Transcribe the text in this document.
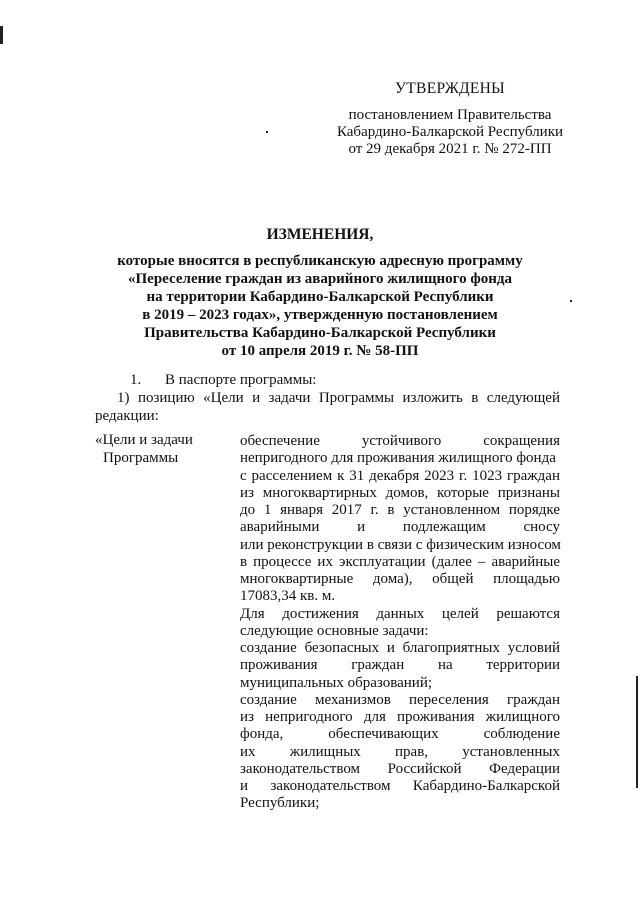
УТВЕРЖДЕНЫ
постановлением Правительства
Кабардино-Балкарской Республики
от 29 декабря 2021 г. № 272-ПП
ИЗМЕНЕНИЯ,
которые вносятся в республиканскую адресную программу
«Переселение граждан из аварийного жилищного фонда
на территории Кабардино-Балкарской Республики
в 2019 – 2023 годах», утвержденную постановлением
Правительства Кабардино-Балкарской Республики
от 10 апреля 2019 г. № 58-ПП
1. В паспорте программы:
1) позицию «Цели и задачи Программы изложить в следующей
редакции:
«Цели и задачи
Программы
обеспечение устойчивого сокращения
непригодного для проживания жилищного фонда
с расселением к 31 декабря 2023 г. 1023 граждан
из многоквартирных домов, которые признаны
до 1 января 2017 г. в установленном порядке
аварийными и подлежащим сносу
или реконструкции в связи с физическим износом
в процессе их эксплуатации (далее – аварийные
многоквартирные дома), общей площадью
17083,34 кв. м.
Для достижения данных целей решаются
следующие основные задачи:
создание безопасных и благоприятных условий
проживания граждан на территории
муниципальных образований;
создание механизмов переселения граждан
из непригодного для проживания жилищного
фонда, обеспечивающих соблюдение
их жилищных прав, установленных
законодательством Российской Федерации
и законодательством Кабардино-Балкарской
Республики;
